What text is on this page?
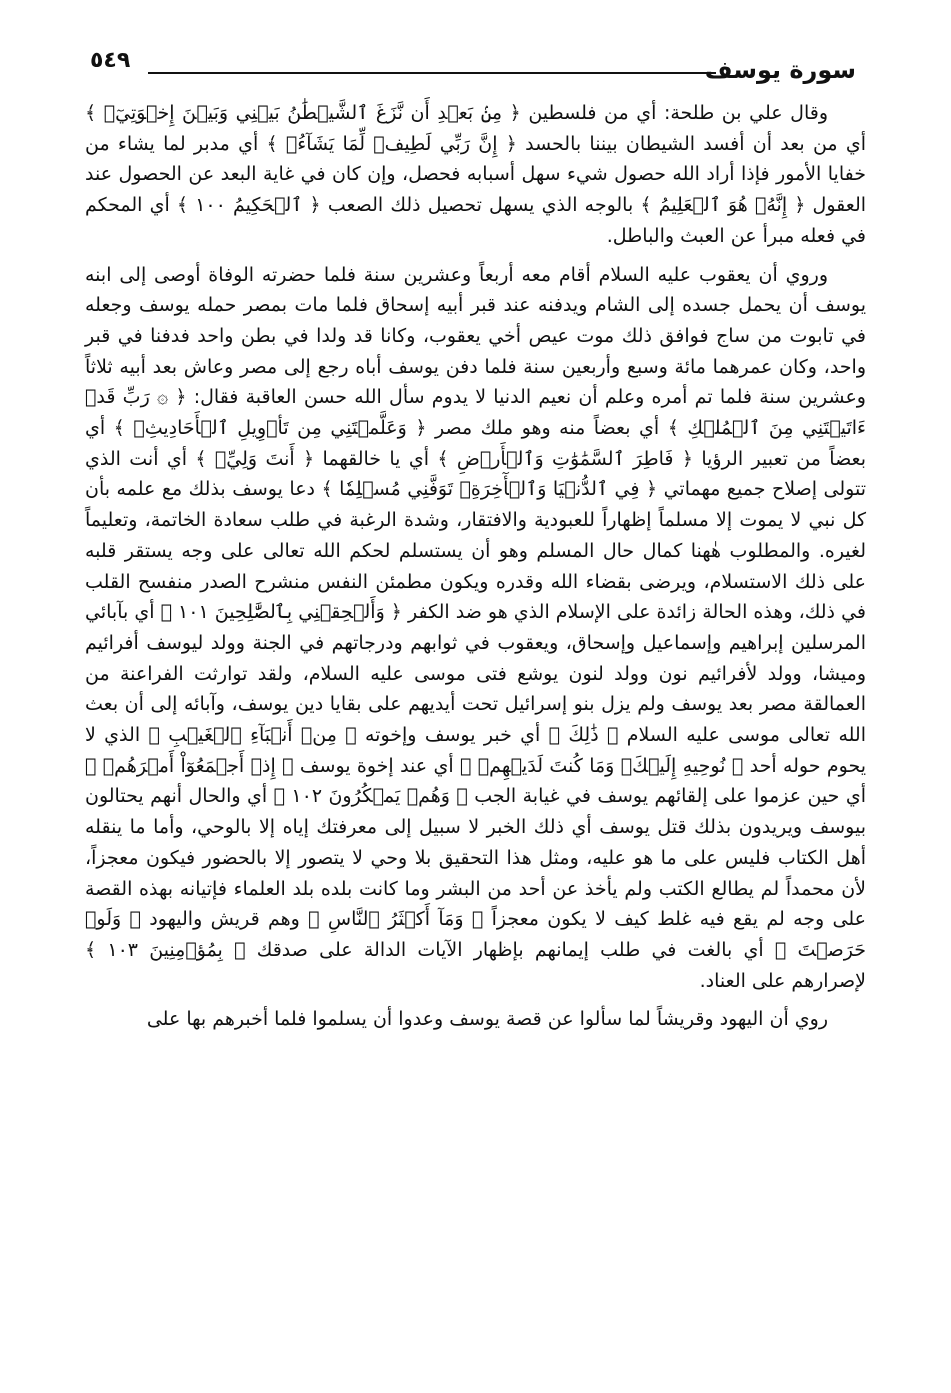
سورة يوسف
٥٤٩

وقال علي بن طلحة: أي من فلسطين ﴿ مِنۢ بَعۡدِ أَن نَّزَغَ ٱلشَّيۡطَٰنُ بَيۡنِي وَبَيۡنَ إِخۡوَتِيٓۚ ﴾ أي من بعد أن أفسد الشيطان بيننا بالحسد ﴿ إِنَّ رَبِّي لَطِيفٞ لِّمَا يَشَآءُۚ ﴾ أي مدبر لما يشاء من خفايا الأمور فإذا أراد الله حصول شيء سهل أسبابه فحصل، وإن كان في غاية البعد عن الحصول عند العقول ﴿ إِنَّهُۥ هُوَ ٱلۡعَلِيمُ ﴾ بالوجه الذي يسهل تحصيل ذلك الصعب ﴿ ٱلۡحَكِيمُ ١٠٠ ﴾ أي المحكم في فعله مبرأ عن العبث والباطل.

وروي أن يعقوب عليه السلام أقام معه أربعاً وعشرين سنة فلما حضرته الوفاة أوصى إلى ابنه يوسف أن يحمل جسده إلى الشام ويدفنه عند قبر أبيه إسحاق فلما مات بمصر حمله يوسف وجعله في تابوت من ساج فوافق ذلك موت عيص أخي يعقوب، وكانا قد ولدا في بطن واحد فدفنا في قبر واحد، وكان عمرهما مائة وسبع وأربعين سنة فلما دفن يوسف أباه رجع إلى مصر وعاش بعد أبيه ثلاثاً وعشرين سنة فلما تم أمره وعلم أن نعيم الدنيا لا يدوم سأل الله حسن العاقبة فقال: ﴿ ۞ رَبِّ قَدۡ ءَاتَيۡتَنِي مِنَ ٱلۡمُلۡكِ ﴾ أي بعضاً منه وهو ملك مصر ﴿ وَعَلَّمۡتَنِي مِن تَأۡوِيلِ ٱلۡأَحَادِيثِۚ ﴾ أي بعضاً من تعبير الرؤيا ﴿ فَاطِرَ ٱلسَّمَٰوَٰتِ وَٱلۡأَرۡضِ ﴾ أي يا خالقهما ﴿ أَنتَ وَلِيِّۦ ﴾ أي أنت الذي تتولى إصلاح جميع مهماتي ﴿ فِي ٱلدُّنۡيَا وَٱلۡأٓخِرَةِۖ تَوَفَّنِي مُسۡلِمٗا ﴾ دعا يوسف بذلك مع علمه بأن كل نبي لا يموت إلا مسلماً إظهاراً للعبودية والافتقار، وشدة الرغبة في طلب سعادة الخاتمة، وتعليماً لغيره. والمطلوب هٰهنا كمال حال المسلم وهو أن يستسلم لحكم الله تعالى على وجه يستقر قلبه على ذلك الاستسلام، ويرضى بقضاء الله وقدره ويكون مطمئن النفس منشرح الصدر منفسح القلب في ذلك، وهذه الحالة زائدة على الإسلام الذي هو ضد الكفر ﴿ وَأَلۡحِقۡنِي بِٱلصَّٰلِحِينَ ١٠١ ﴾ أي بآبائي المرسلين إبراهيم وإسماعيل وإسحاق، ويعقوب في ثوابهم ودرجاتهم في الجنة وولد ليوسف أفرائيم وميشا، وولد لأفرائيم نون وولد لنون يوشع فتى موسى عليه السلام، ولقد توارثت الفراعنة من العمالقة مصر بعد يوسف ولم يزل بنو إسرائيل تحت أيديهم على بقايا دين يوسف، وآبائه إلى أن بعث الله تعالى موسى عليه السلام ﴿ ذَٰلِكَ ﴾ أي خبر يوسف وإخوته ﴿ مِنۡ أَنۢبَآءِ ٱلۡغَيۡبِ ﴾ الذي لا يحوم حوله أحد ﴿ نُوحِيهِ إِلَيۡكَۖ وَمَا كُنتَ لَدَيۡهِمۡ ﴾ أي عند إخوة يوسف ﴿ إِذۡ أَجۡمَعُوٓاْ أَمۡرَهُمۡ ﴾ أي حين عزموا على إلقائهم يوسف في غيابة الجب ﴿ وَهُمۡ يَمۡكُرُونَ ١٠٢ ﴾ أي والحال أنهم يحتالون بيوسف ويريدون بذلك قتل يوسف أي ذلك الخبر لا سبيل إلى معرفتك إياه إلا بالوحي، وأما ما ينقله أهل الكتاب فليس على ما هو عليه، ومثل هذا التحقيق بلا وحي لا يتصور إلا بالحضور فيكون معجزاً، لأن محمداً لم يطالع الكتب ولم يأخذ عن أحد من البشر وما كانت بلده بلد العلماء فإتيانه بهذه القصة على وجه لم يقع فيه غلط كيف لا يكون معجزاً ﴿ وَمَآ أَكۡثَرُ ٱلنَّاسِ ﴾ وهم قريش واليهود ﴿ وَلَوۡ حَرَصۡتَ ﴾ أي بالغت في طلب إيمانهم بإظهار الآيات الدالة على صدقك ﴿ بِمُؤۡمِنِينَ ١٠٣ ﴾ لإصرارهم على العناد.

روي أن اليهود وقريشاً لما سألوا عن قصة يوسف وعدوا أن يسلموا فلما أخبرهم بها على
